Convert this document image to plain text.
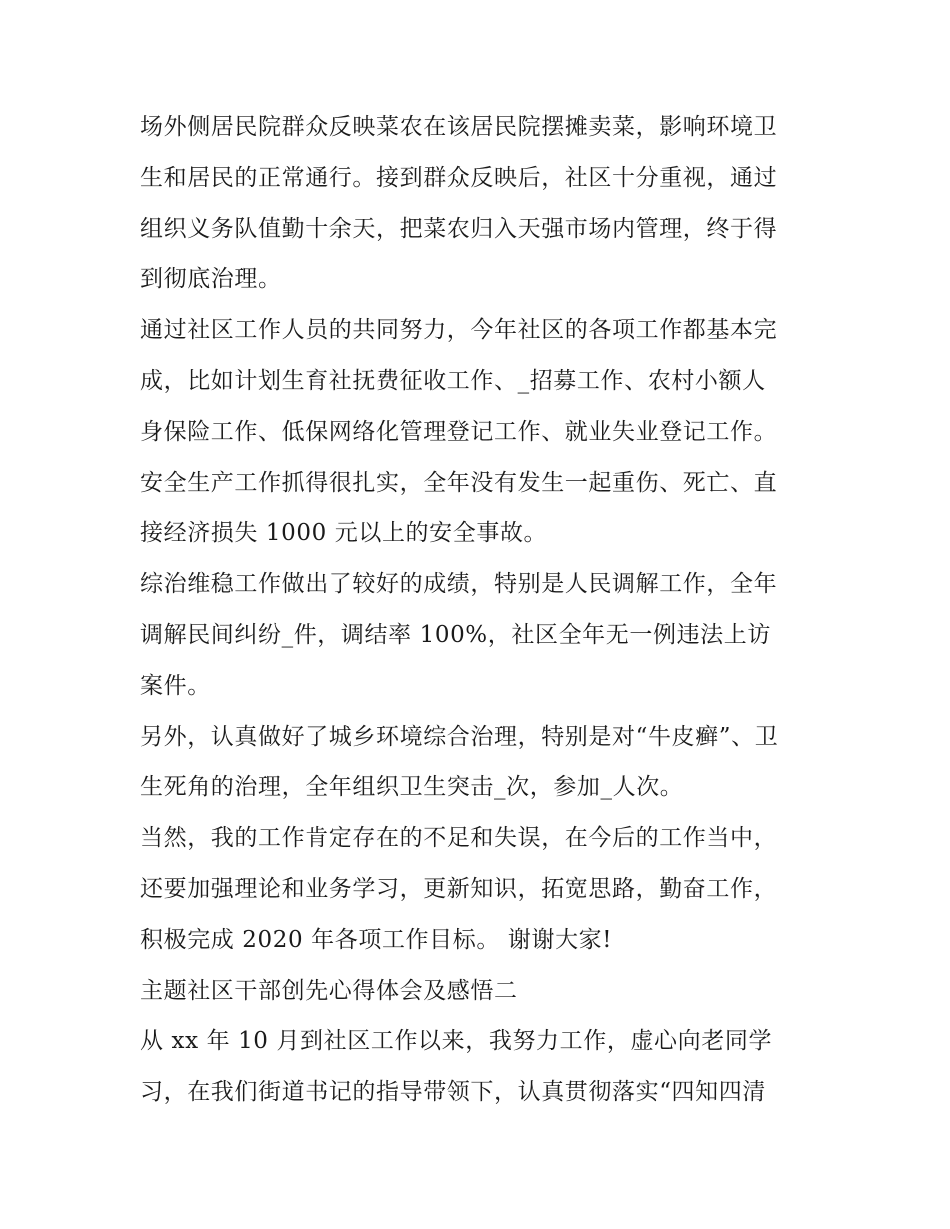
场外侧居民院群众反映菜农在该居民院摆摊卖菜，影响环境卫
生和居民的正常通行。接到群众反映后，社区十分重视，通过
组织义务队值勤十余天，把菜农归入天强市场内管理，终于得
到彻底治理。
通过社区工作人员的共同努力，今年社区的各项工作都基本完
成，比如计划生育社抚费征收工作、_招募工作、农村小额人
身保险工作、低保网络化管理登记工作、就业失业登记工作。
安全生产工作抓得很扎实，全年没有发生一起重伤、死亡、直
接经济损失 1000 元以上的安全事故。
综治维稳工作做出了较好的成绩，特别是人民调解工作，全年
调解民间纠纷_件，调结率 100%，社区全年无一例违法上访
案件。
另外，认真做好了城乡环境综合治理，特别是对“牛皮癣”、卫
生死角的治理，全年组织卫生突击_次，参加_人次。
当然，我的工作肯定存在的不足和失误，在今后的工作当中，
还要加强理论和业务学习，更新知识，拓宽思路，勤奋工作，
积极完成 2020 年各项工作目标。 谢谢大家!
主题社区干部创先心得体会及感悟二
从 xx 年 10 月到社区工作以来，我努力工作，虚心向老同学
习，在我们街道书记的指导带领下，认真贯彻落实“四知四清
